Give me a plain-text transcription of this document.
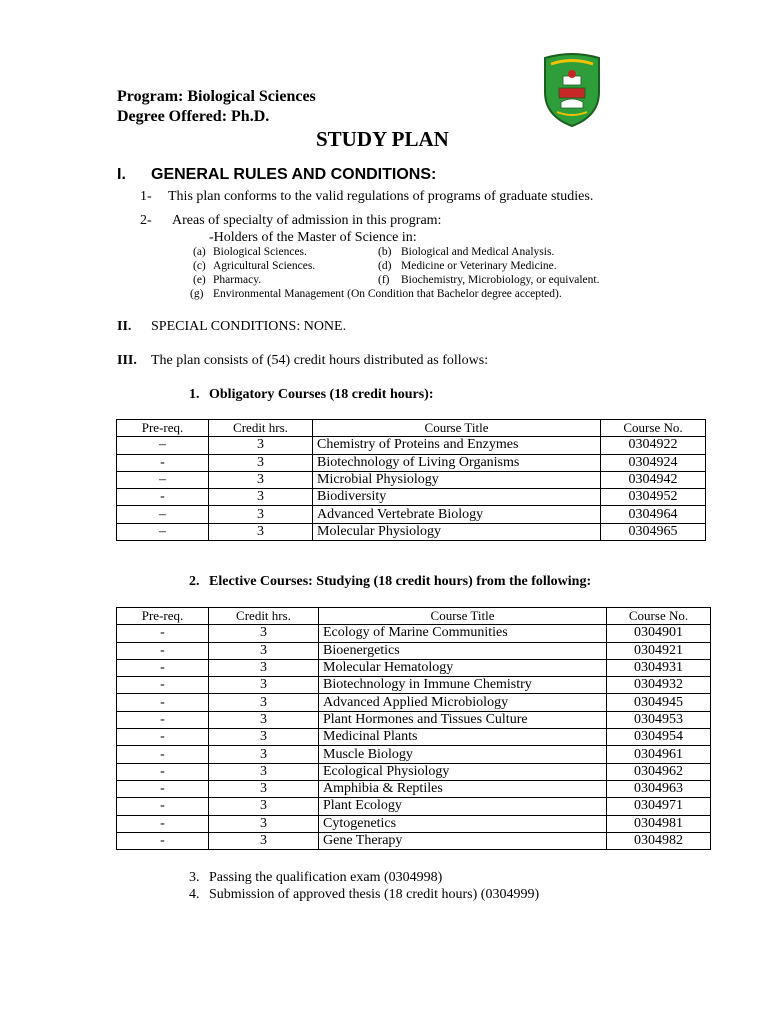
Program: Biological Sciences
Degree Offered: Ph.D.
STUDY PLAN
I. GENERAL RULES AND CONDITIONS:
1- This plan conforms to the valid regulations of programs of graduate studies.
2- Areas of specialty of admission in this program:
-Holders of the Master of Science in:
(a) Biological Sciences.	(b) Biological and Medical Analysis.
(c) Agricultural Sciences.	(d) Medicine or Veterinary Medicine.
(e) Pharmacy.	(f) Biochemistry, Microbiology, or equivalent.
(g) Environmental Management (On Condition that Bachelor degree accepted).
II. SPECIAL CONDITIONS: NONE.
III. The plan consists of (54) credit hours distributed as follows:
1. Obligatory Courses (18 credit hours):
Pre-req.	Credit hrs.	Course Title	Course No.
–	3	Chemistry of Proteins and Enzymes	0304922
-	3	Biotechnology of Living Organisms	0304924
–	3	Microbial Physiology	0304942
-	3	Biodiversity	0304952
–	3	Advanced Vertebrate Biology	0304964
–	3	Molecular Physiology	0304965
2. Elective Courses: Studying (18 credit hours) from the following:
Pre-req.	Credit hrs.	Course Title	Course No.
-	3	Ecology of Marine Communities	0304901
-	3	Bioenergetics	0304921
-	3	Molecular Hematology	0304931
-	3	Biotechnology in Immune Chemistry	0304932
-	3	Advanced Applied Microbiology	0304945
-	3	Plant Hormones and Tissues Culture	0304953
-	3	Medicinal Plants	0304954
-	3	Muscle Biology	0304961
-	3	Ecological Physiology	0304962
-	3	Amphibia & Reptiles	0304963
-	3	Plant Ecology	0304971
-	3	Cytogenetics	0304981
-	3	Gene Therapy	0304982
3. Passing the qualification exam (0304998)
4. Submission of approved thesis (18 credit hours) (0304999)
